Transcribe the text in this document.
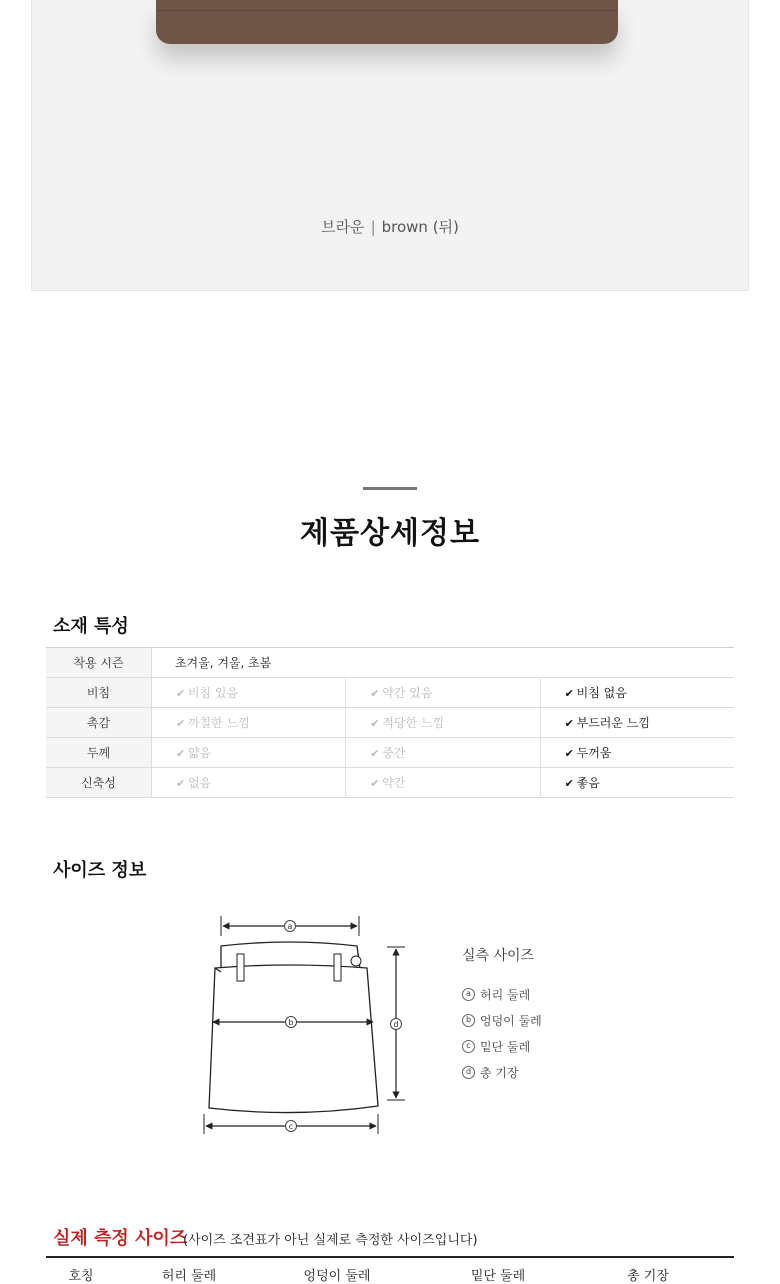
브라운 | brown (뒤)
제품상세정보
소재 특성
착용 시즌	초겨울, 겨울, 초봄		
비침	✔ 비침 있음	✔ 약간 있음	✔ 비침 없음
촉감	✔ 까칠한 느낌	✔ 적당한 느낌	✔ 부드러운 느낌
두께	✔ 얇음	✔ 중간	✔ 두꺼움
신축성	✔ 없음	✔ 약간	✔ 좋음
사이즈 정보
a
b	d
c
실측 사이즈
a 허리 둘레
b 엉덩이 둘레
c 밑단 둘레
d 총 기장
실제 측정 사이즈
(사이즈 조견표가 아닌 실제로 측정한 사이즈입니다)
호칭	허리 둘레	엉덩이 둘레	밑단 둘레	총 기장
